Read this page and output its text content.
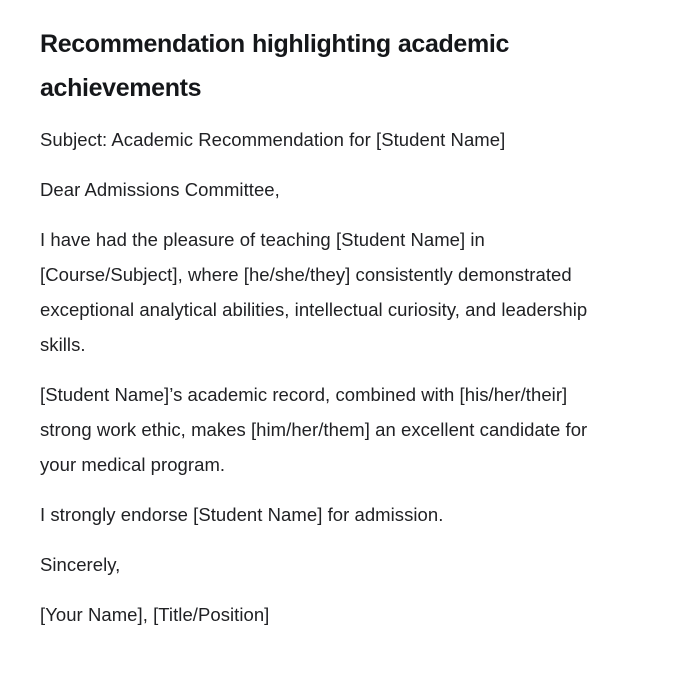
Recommendation highlighting academic achievements

Subject: Academic Recommendation for [Student Name]

Dear Admissions Committee,

I have had the pleasure of teaching [Student Name] in [Course/Subject], where [he/she/they] consistently demonstrated exceptional analytical abilities, intellectual curiosity, and leadership skills.

[Student Name]’s academic record, combined with [his/her/their] strong work ethic, makes [him/her/them] an excellent candidate for your medical program.

I strongly endorse [Student Name] for admission.

Sincerely,

[Your Name], [Title/Position]
